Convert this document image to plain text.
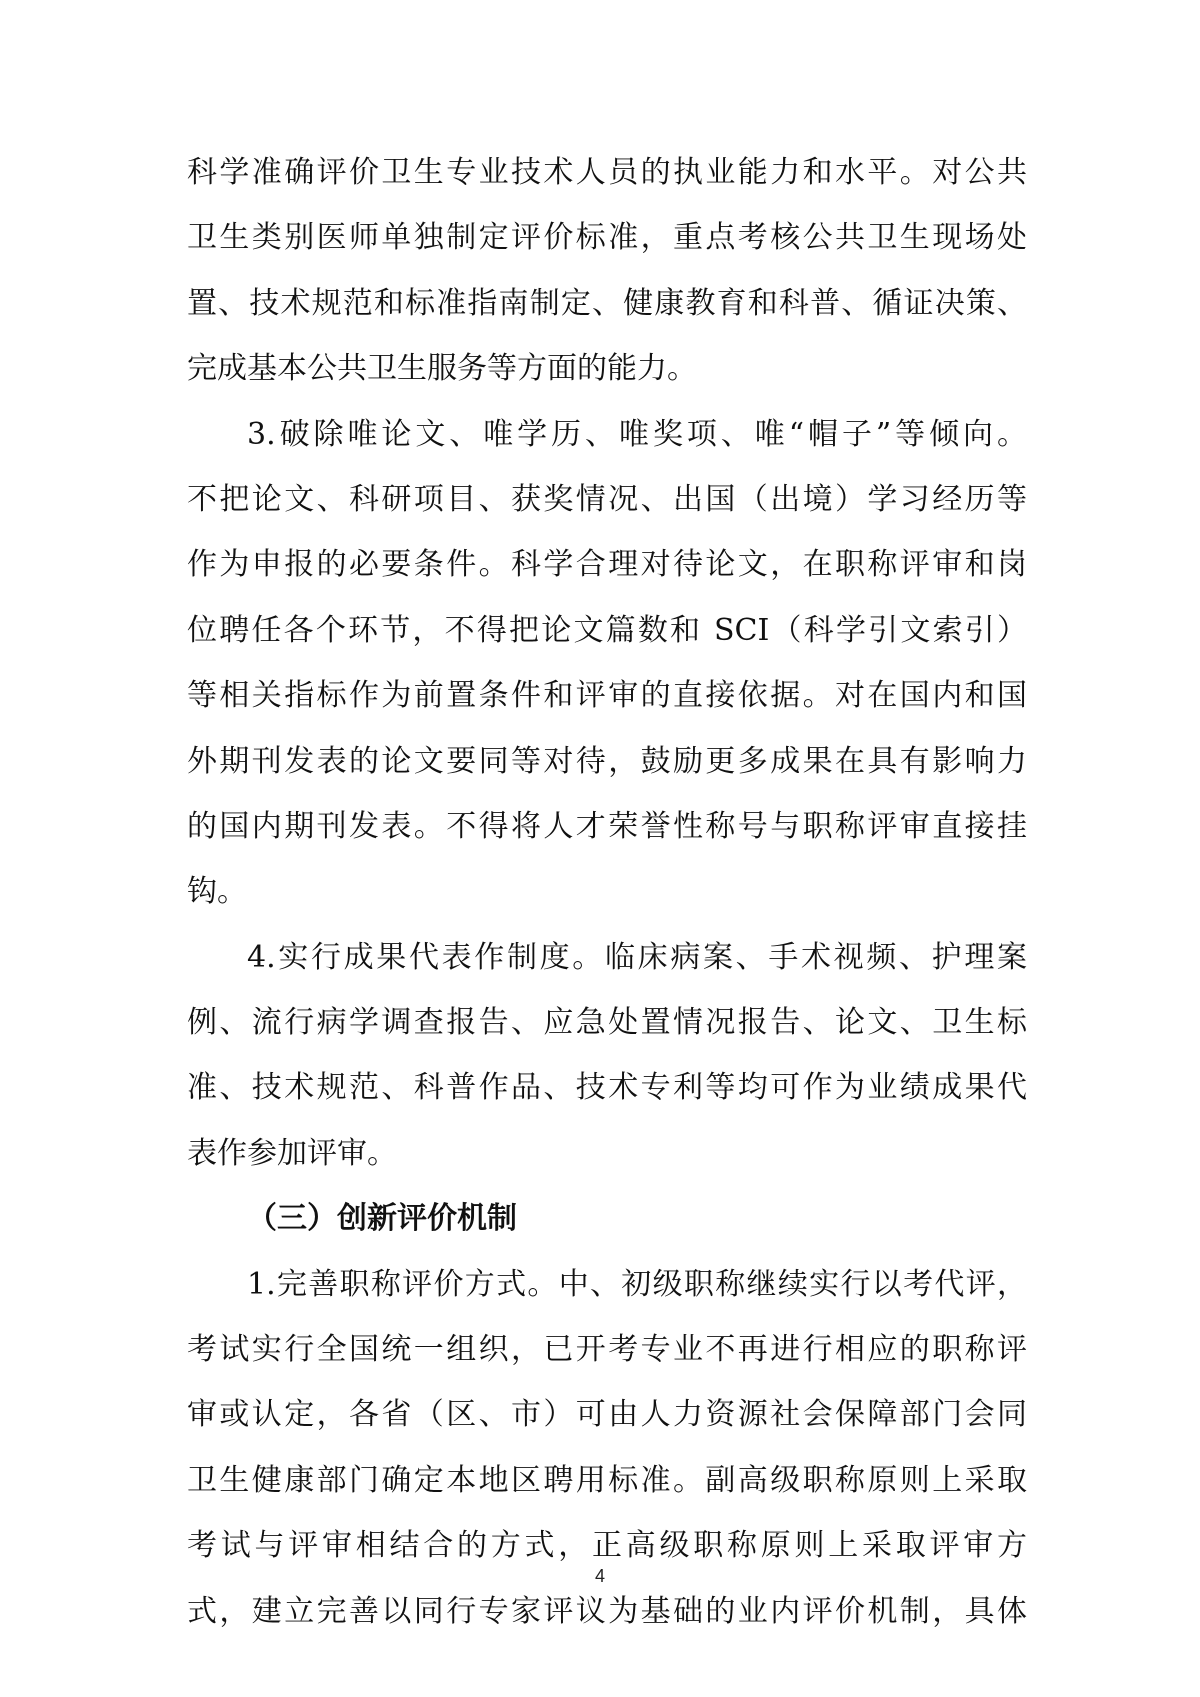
科学准确评价卫生专业技术人员的执业能力和水平。对公共
卫生类别医师单独制定评价标准，重点考核公共卫生现场处
置、技术规范和标准指南制定、健康教育和科普、循证决策、
完成基本公共卫生服务等方面的能力。
3.破除唯论文、唯学历、唯奖项、唯“帽子”等倾向。
不把论文、科研项目、获奖情况、出国（出境）学习经历等
作为申报的必要条件。科学合理对待论文，在职称评审和岗
位聘任各个环节，不得把论文篇数和 SCI（科学引文索引）
等相关指标作为前置条件和评审的直接依据。对在国内和国
外期刊发表的论文要同等对待，鼓励更多成果在具有影响力
的国内期刊发表。不得将人才荣誉性称号与职称评审直接挂
钩。
4.实行成果代表作制度。临床病案、手术视频、护理案
例、流行病学调查报告、应急处置情况报告、论文、卫生标
准、技术规范、科普作品、技术专利等均可作为业绩成果代
表作参加评审。
（三）创新评价机制
1.完善职称评价方式。中、初级职称继续实行以考代评，
考试实行全国统一组织，已开考专业不再进行相应的职称评
审或认定，各省（区、市）可由人力资源社会保障部门会同
卫生健康部门确定本地区聘用标准。副高级职称原则上采取
考试与评审相结合的方式，正高级职称原则上采取评审方
式，建立完善以同行专家评议为基础的业内评价机制，具体
4
